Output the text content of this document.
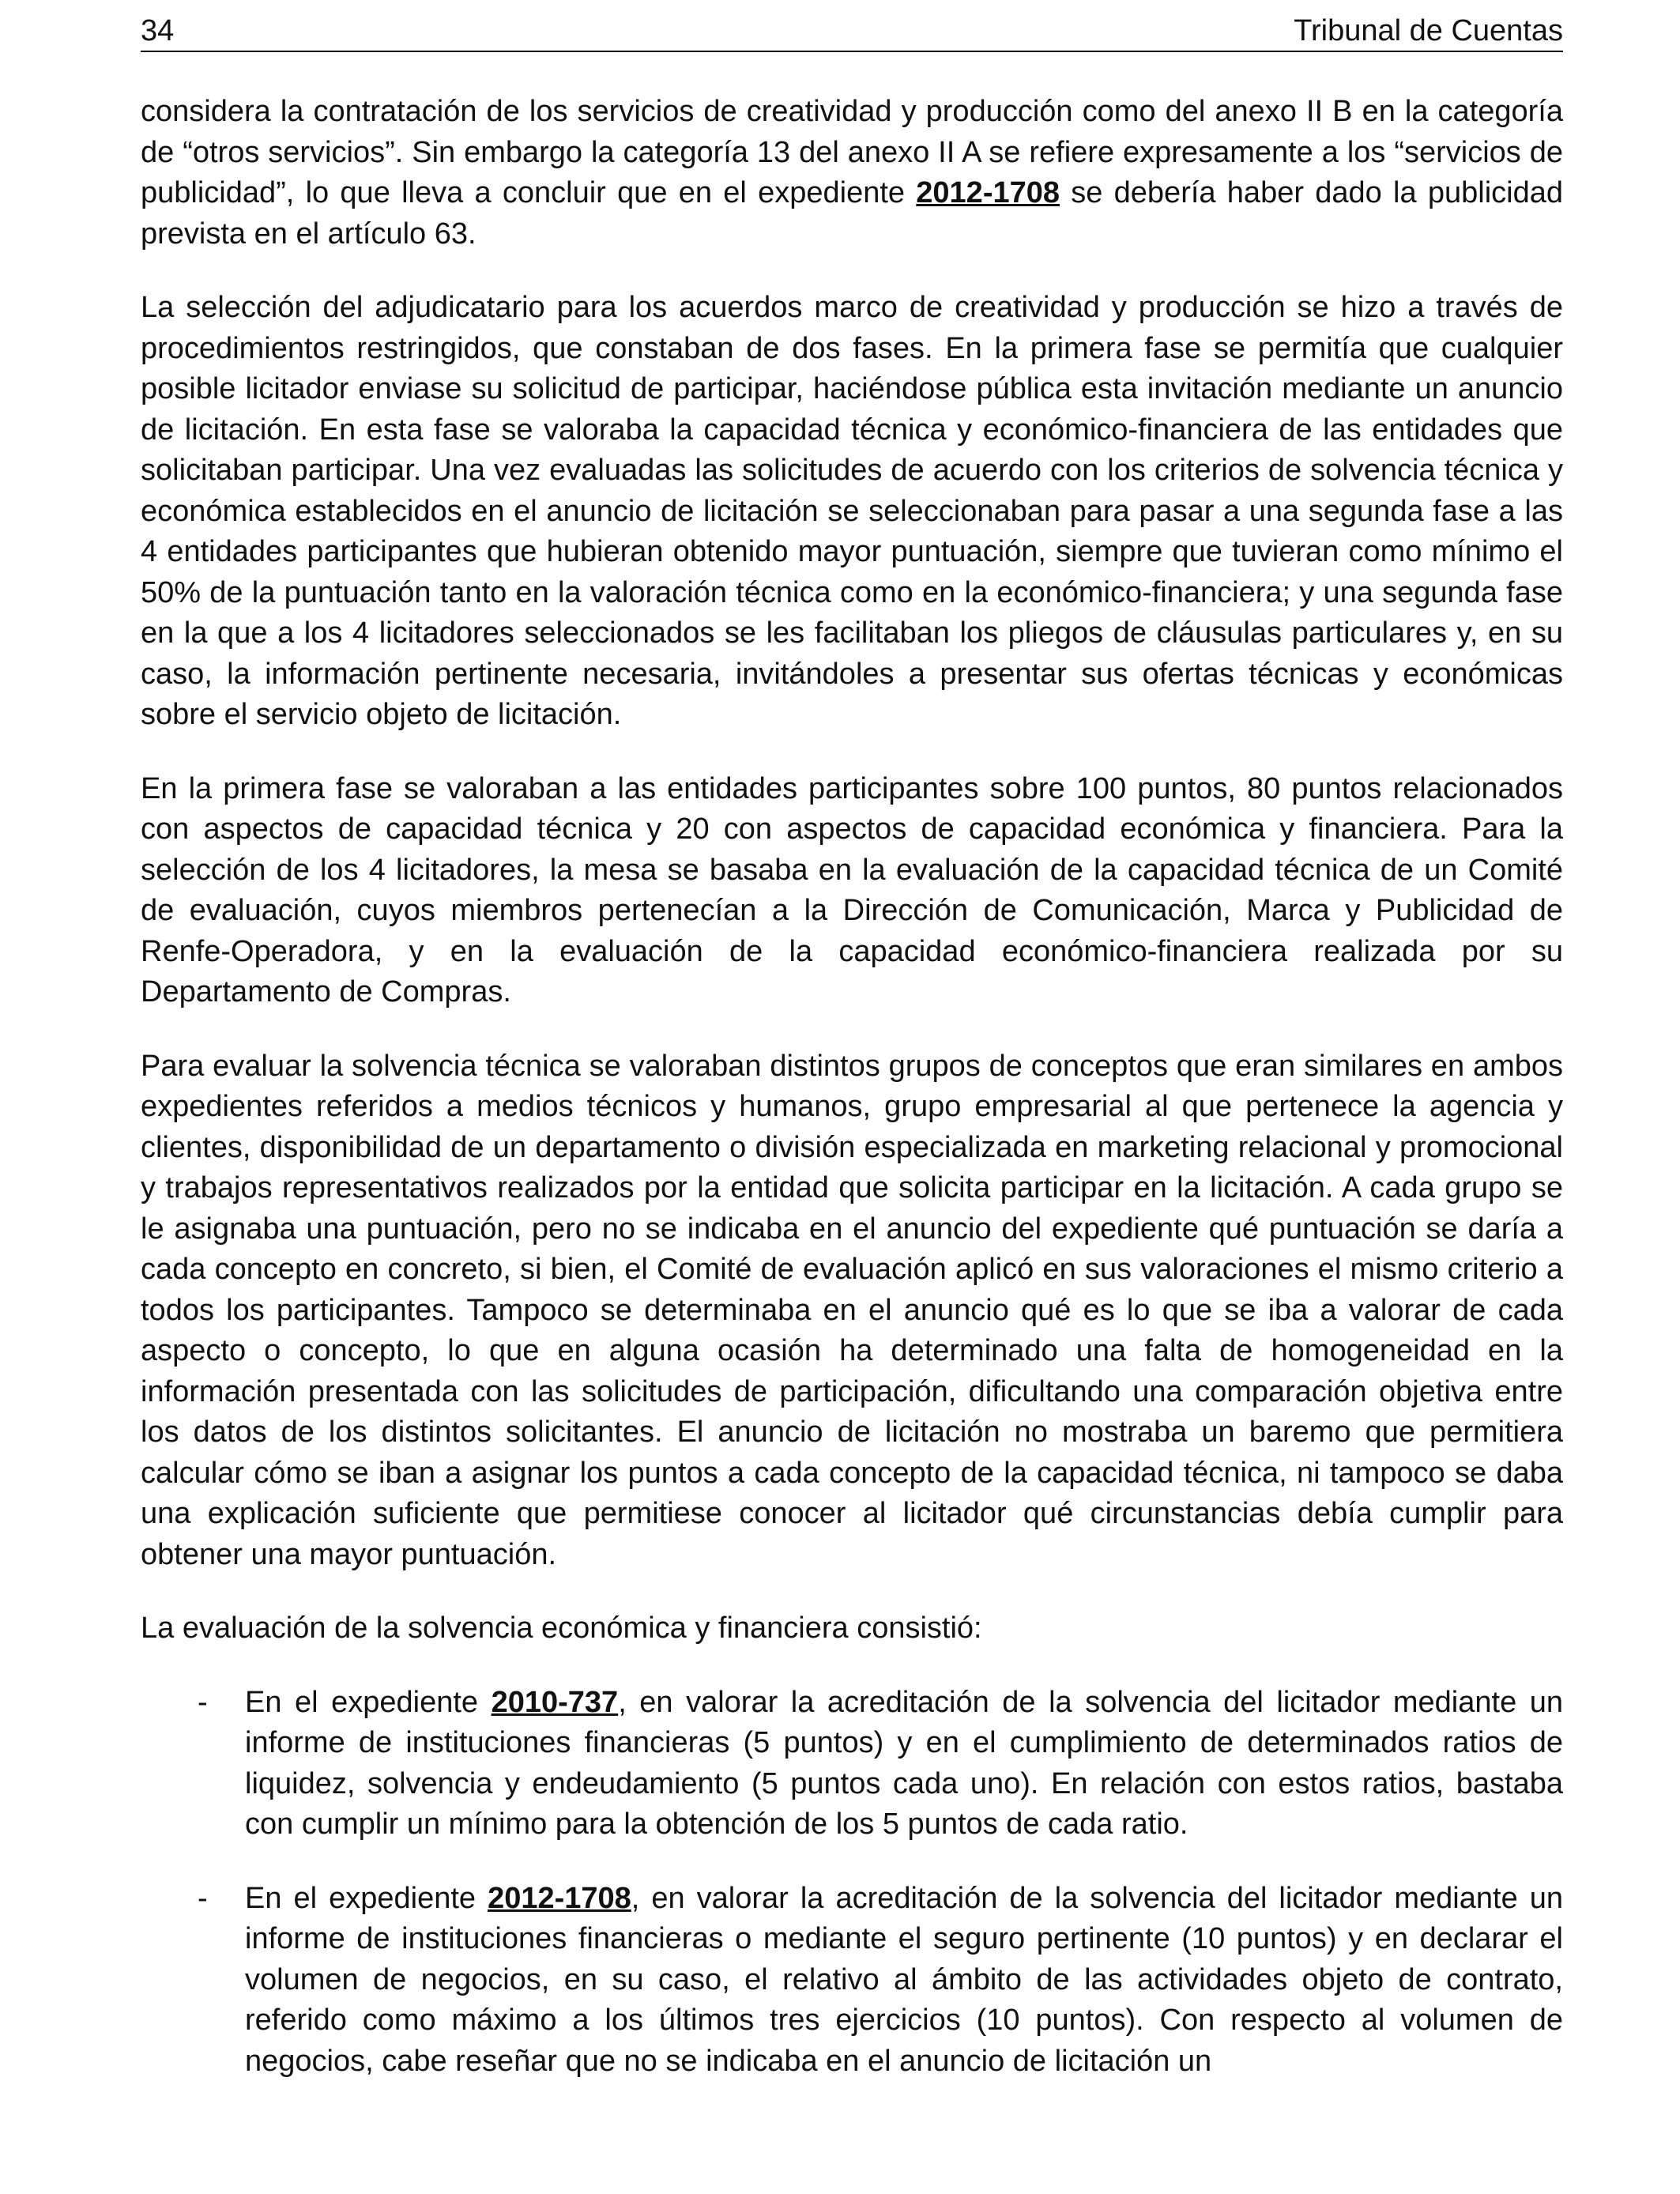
34	Tribunal de Cuentas

considera la contratación de los servicios de creatividad y producción como del anexo II B en la categoría de “otros servicios”. Sin embargo la categoría 13 del anexo II A se refiere expresamente a los “servicios de publicidad”, lo que lleva a concluir que en el expediente 2012-1708 se debería haber dado la publicidad prevista en el artículo 63.

La selección del adjudicatario para los acuerdos marco de creatividad y producción se hizo a través de procedimientos restringidos, que constaban de dos fases. En la primera fase se permitía que cualquier posible licitador enviase su solicitud de participar, haciéndose pública esta invitación mediante un anuncio de licitación. En esta fase se valoraba la capacidad técnica y económico-financiera de las entidades que solicitaban participar. Una vez evaluadas las solicitudes de acuerdo con los criterios de solvencia técnica y económica establecidos en el anuncio de licitación se seleccionaban para pasar a una segunda fase a las 4 entidades participantes que hubieran obtenido mayor puntuación, siempre que tuvieran como mínimo el 50% de la puntuación tanto en la valoración técnica como en la económico-financiera; y una segunda fase en la que a los 4 licitadores seleccionados se les facilitaban los pliegos de cláusulas particulares y, en su caso, la información pertinente necesaria, invitándoles a presentar sus ofertas técnicas y económicas sobre el servicio objeto de licitación.

En la primera fase se valoraban a las entidades participantes sobre 100 puntos, 80 puntos relacionados con aspectos de capacidad técnica y 20 con aspectos de capacidad económica y financiera. Para la selección de los 4 licitadores, la mesa se basaba en la evaluación de la capacidad técnica de un Comité de evaluación, cuyos miembros pertenecían a la Dirección de Comunicación, Marca y Publicidad de Renfe-Operadora, y en la evaluación de la capacidad económico-financiera realizada por su Departamento de Compras.

Para evaluar la solvencia técnica se valoraban distintos grupos de conceptos que eran similares en ambos expedientes referidos a medios técnicos y humanos, grupo empresarial al que pertenece la agencia y clientes, disponibilidad de un departamento o división especializada en marketing relacional y promocional y trabajos representativos realizados por la entidad que solicita participar en la licitación. A cada grupo se le asignaba una puntuación, pero no se indicaba en el anuncio del expediente qué puntuación se daría a cada concepto en concreto, si bien, el Comité de evaluación aplicó en sus valoraciones el mismo criterio a todos los participantes. Tampoco se determinaba en el anuncio qué es lo que se iba a valorar de cada aspecto o concepto, lo que en alguna ocasión ha determinado una falta de homogeneidad en la información presentada con las solicitudes de participación, dificultando una comparación objetiva entre los datos de los distintos solicitantes. El anuncio de licitación no mostraba un baremo que permitiera calcular cómo se iban a asignar los puntos a cada concepto de la capacidad técnica, ni tampoco se daba una explicación suficiente que permitiese conocer al licitador qué circunstancias debía cumplir para obtener una mayor puntuación.

La evaluación de la solvencia económica y financiera consistió:

- En el expediente 2010-737, en valorar la acreditación de la solvencia del licitador mediante un informe de instituciones financieras (5 puntos) y en el cumplimiento de determinados ratios de liquidez, solvencia y endeudamiento (5 puntos cada uno). En relación con estos ratios, bastaba con cumplir un mínimo para la obtención de los 5 puntos de cada ratio.
- En el expediente 2012-1708, en valorar la acreditación de la solvencia del licitador mediante un informe de instituciones financieras o mediante el seguro pertinente (10 puntos) y en declarar el volumen de negocios, en su caso, el relativo al ámbito de las actividades objeto de contrato, referido como máximo a los últimos tres ejercicios (10 puntos). Con respecto al volumen de negocios, cabe reseñar que no se indicaba en el anuncio de licitación un
